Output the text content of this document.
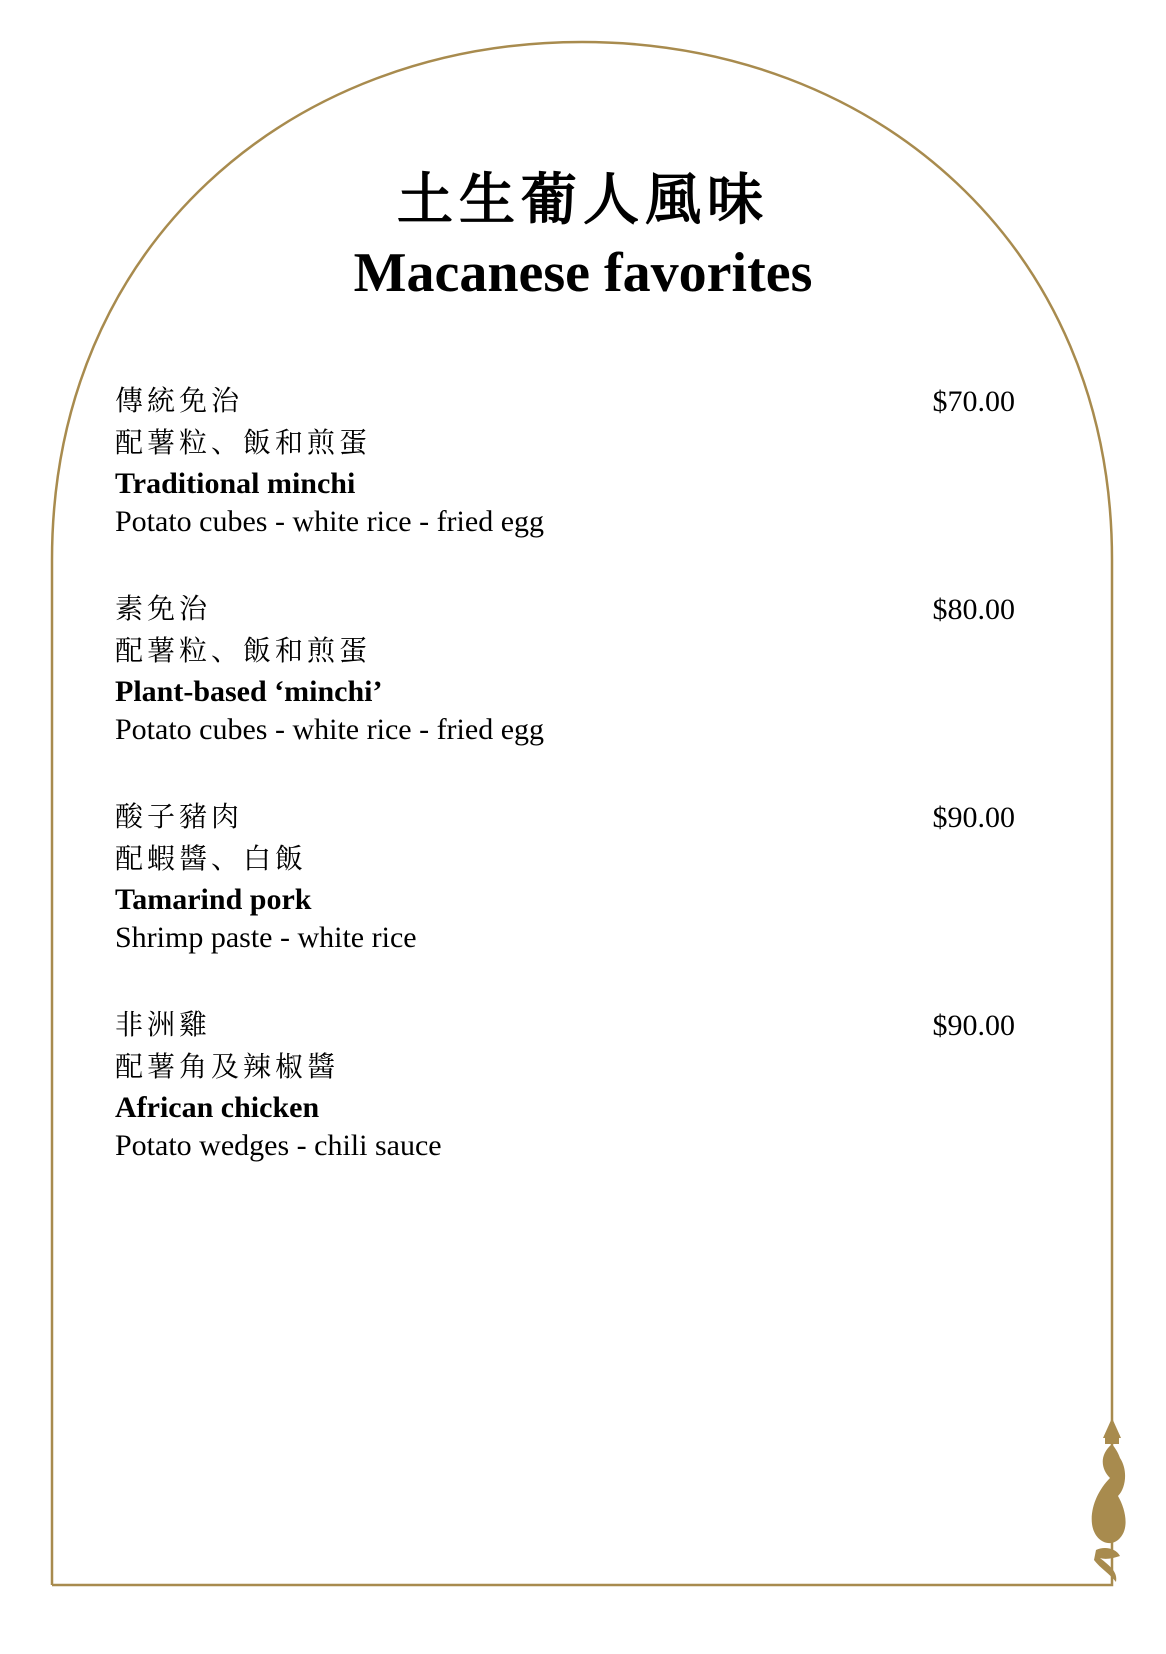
土生葡人風味
Macanese favorites
傳統免治
配薯粒、飯和煎蛋
Traditional minchi
Potato cubes - white rice - fried egg
$70.00
素免治
配薯粒、飯和煎蛋
Plant-based ‘minchi’
Potato cubes - white rice - fried egg
$80.00
酸子豬肉
配蝦醬、白飯
Tamarind pork
Shrimp paste - white rice
$90.00
非洲雞
配薯角及辣椒醬
African chicken
Potato wedges - chili sauce
$90.00
